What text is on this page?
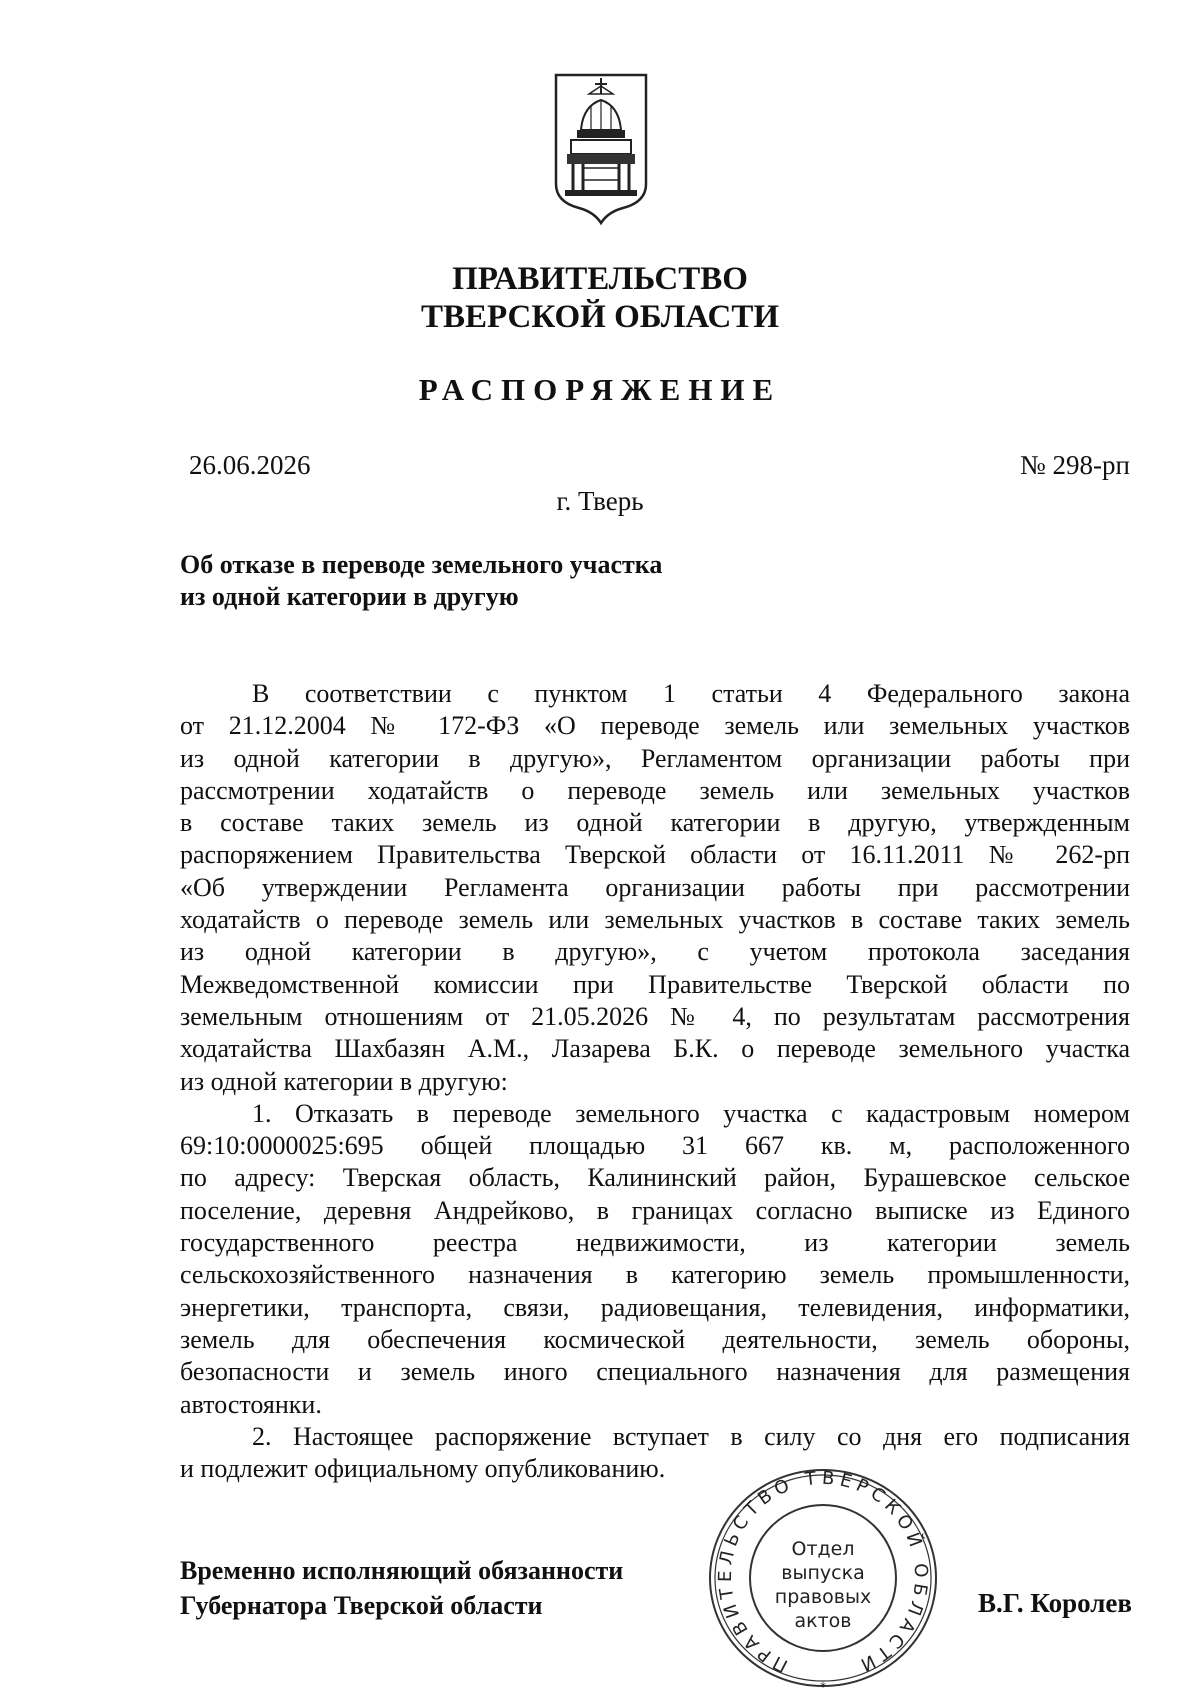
ПРАВИТЕЛЬСТВО
ТВЕРСКОЙ ОБЛАСТИ
РАСПОРЯЖЕНИЕ
26.06.2026	№ 298-рп
г. Тверь
Об отказе в переводе земельного участка
из одной категории в другую
В соответствии с пунктом 1 статьи 4 Федерального закона
от 21.12.2004 № 172-ФЗ «О переводе земель или земельных участков
из одной категории в другую», Регламентом организации работы при
рассмотрении ходатайств о переводе земель или земельных участков
в составе таких земель из одной категории в другую, утвержденным
распоряжением Правительства Тверской области от 16.11.2011 № 262-рп
«Об утверждении Регламента организации работы при рассмотрении
ходатайств о переводе земель или земельных участков в составе таких земель
из одной категории в другую», с учетом протокола заседания
Межведомственной комиссии при Правительстве Тверской области по
земельным отношениям от 21.05.2026 № 4, по результатам рассмотрения
ходатайства Шахбазян А.М., Лазарева Б.К. о переводе земельного участка
из одной категории в другую:
1. Отказать в переводе земельного участка с кадастровым номером
69:10:0000025:695 общей площадью 31 667 кв. м, расположенного
по адресу: Тверская область, Калининский район, Бурашевское сельское
поселение, деревня Андрейково, в границах согласно выписке из Единого
государственного реестра недвижимости, из категории земель
сельскохозяйственного назначения в категорию земель промышленности,
энергетики, транспорта, связи, радиовещания, телевидения, информатики,
земель для обеспечения космической деятельности, земель обороны,
безопасности и земель иного специального назначения для размещения
автостоянки.
2. Настоящее распоряжение вступает в силу со дня его подписания
и подлежит официальному опубликованию.
Временно исполняющий обязанности
Губернатора Тверской области	В.Г. Королев
ПРАВИТЕЛЬСТВО ТВЕРСКОЙ ОБЛАСТИ
Отдел
выпуска
правовых
актов
*
